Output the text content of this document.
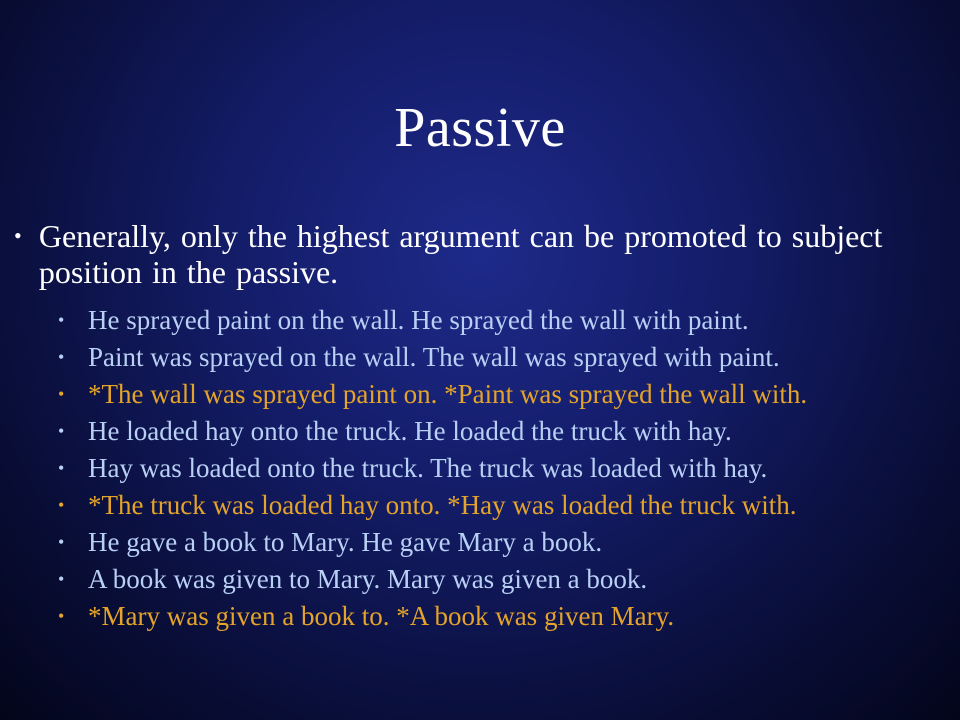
Passive
• Generally, only the highest argument can be promoted to subject position in the passive.
• He sprayed paint on the wall. He sprayed the wall with paint.
• Paint was sprayed on the wall. The wall was sprayed with paint.
• *The wall was sprayed paint on. *Paint was sprayed the wall with.
• He loaded hay onto the truck. He loaded the truck with hay.
• Hay was loaded onto the truck. The truck was loaded with hay.
• *The truck was loaded hay onto. *Hay was loaded the truck with.
• He gave a book to Mary. He gave Mary a book.
• A book was given to Mary. Mary was given a book.
• *Mary was given a book to. *A book was given Mary.
